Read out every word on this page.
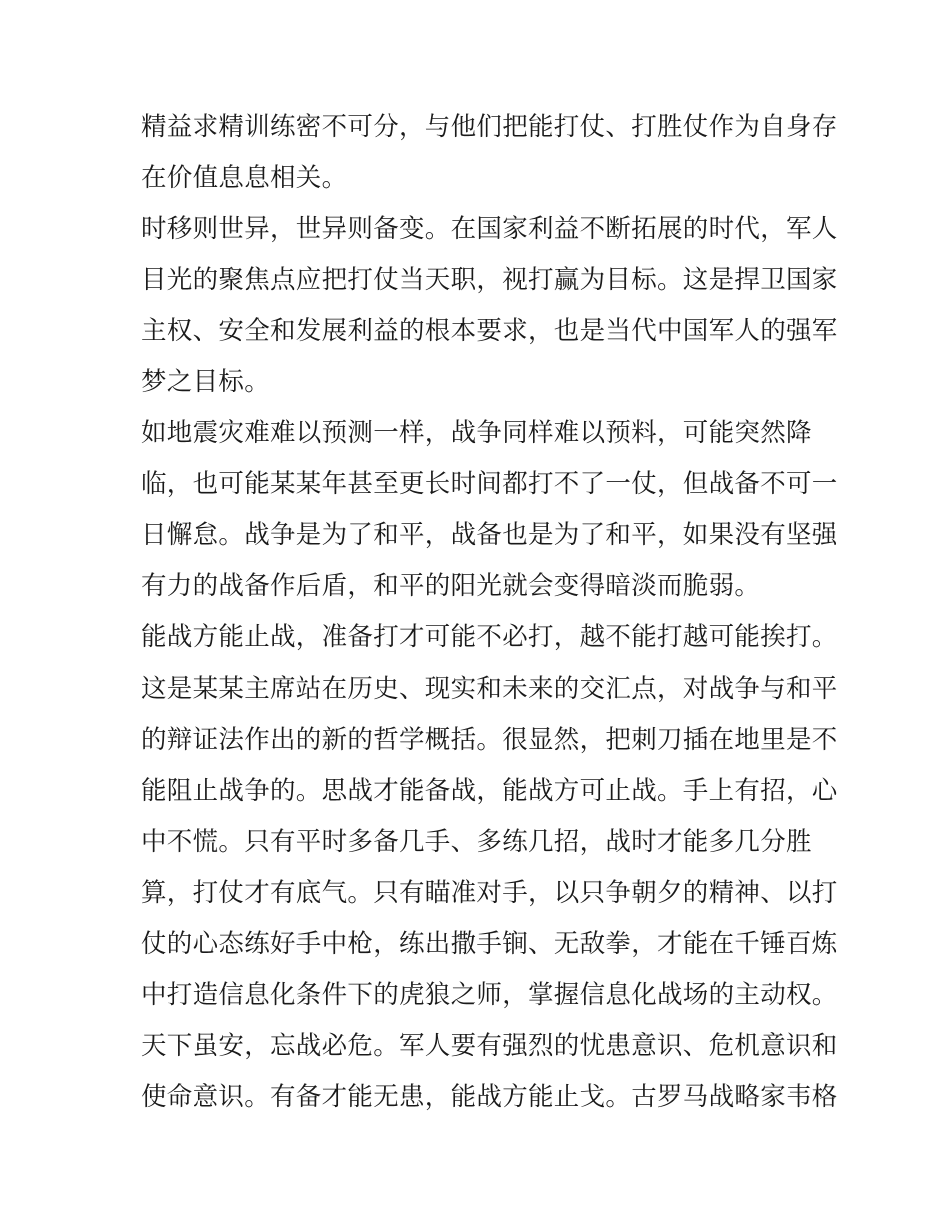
精益求精训练密不可分，与他们把能打仗、打胜仗作为自身存
在价值息息相关。
时移则世异，世异则备变。在国家利益不断拓展的时代，军人
目光的聚焦点应把打仗当天职，视打赢为目标。这是捍卫国家
主权、安全和发展利益的根本要求，也是当代中国军人的强军
梦之目标。
如地震灾难难以预测一样，战争同样难以预料，可能突然降
临，也可能某某年甚至更长时间都打不了一仗，但战备不可一
日懈怠。战争是为了和平，战备也是为了和平，如果没有坚强
有力的战备作后盾，和平的阳光就会变得暗淡而脆弱。
能战方能止战，准备打才可能不必打，越不能打越可能挨打。
这是某某主席站在历史、现实和未来的交汇点，对战争与和平
的辩证法作出的新的哲学概括。很显然，把刺刀插在地里是不
能阻止战争的。思战才能备战，能战方可止战。手上有招，心
中不慌。只有平时多备几手、多练几招，战时才能多几分胜
算，打仗才有底气。只有瞄准对手，以只争朝夕的精神、以打
仗的心态练好手中枪，练出撒手锏、无敌拳，才能在千锤百炼
中打造信息化条件下的虎狼之师，掌握信息化战场的主动权。
天下虽安，忘战必危。军人要有强烈的忧患意识、危机意识和
使命意识。有备才能无患，能战方能止戈。古罗马战略家韦格
